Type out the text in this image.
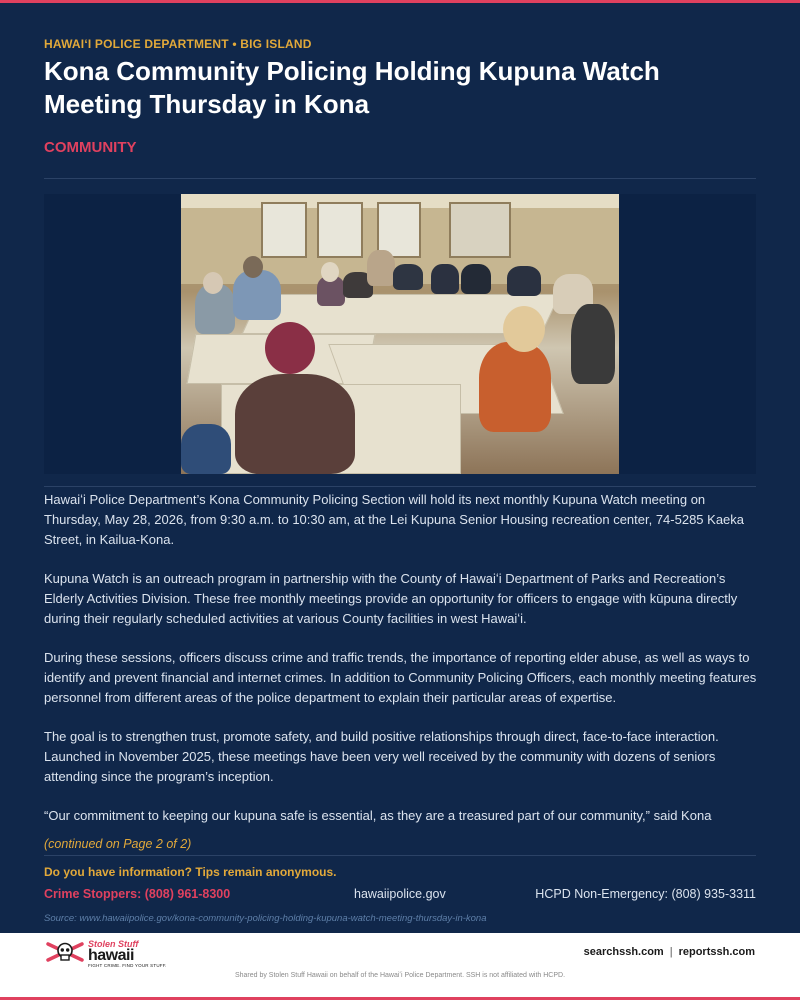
HAWAIʻI POLICE DEPARTMENT • BIG ISLAND
Kona Community Policing Holding Kupuna Watch Meeting Thursday in Kona
COMMUNITY

Hawaiʻi Police Department’s Kona Community Policing Section will hold its next monthly Kupuna Watch meeting on Thursday, May 28, 2026, from 9:30 a.m. to 10:30 am, at the Lei Kupuna Senior Housing recreation center, 74-5285 Kaeka Street, in Kailua-Kona.

Kupuna Watch is an outreach program in partnership with the County of Hawaiʻi Department of Parks and Recreation’s Elderly Activities Division. These free monthly meetings provide an opportunity for officers to engage with kūpuna directly during their regularly scheduled activities at various County facilities in west Hawaiʻi.

During these sessions, officers discuss crime and traffic trends, the importance of reporting elder abuse, as well as ways to identify and prevent financial and internet crimes. In addition to Community Policing Officers, each monthly meeting features personnel from different areas of the police department to explain their particular areas of expertise.

The goal is to strengthen trust, promote safety, and build positive relationships through direct, face-to-face interaction. Launched in November 2025, these meetings have been very well received by the community with dozens of seniors attending since the program’s inception.

“Our commitment to keeping our kupuna safe is essential, as they are a treasured part of our community,” said Kona

(continued on Page 2 of 2)
Do you have information? Tips remain anonymous.
Crime Stoppers: (808) 961-8300	hawaiipolice.gov	HCPD Non-Emergency: (808) 935-3311
Source: www.hawaiipolice.gov/kona-community-policing-holding-kupuna-watch-meeting-thursday-in-kona
Stolen Stuff
hawaii
FIGHT CRIME. FIND YOUR STUFF.
searchssh.com | reportssh.com
Shared by Stolen Stuff Hawaii on behalf of the Hawaiʻi Police Department. SSH is not affiliated with HCPD.
